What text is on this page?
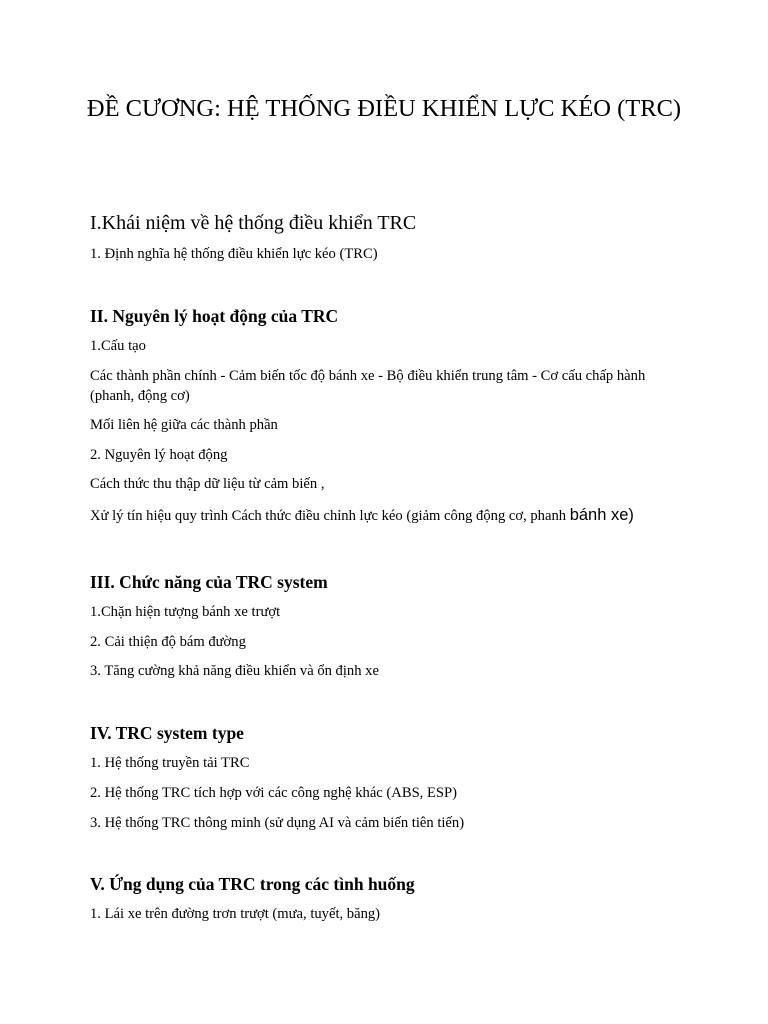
ĐỀ CƯƠNG: HỆ THỐNG ĐIỀU KHIỂN LỰC KÉO (TRC)
I.Khái niệm về hệ thống điều khiển TRC
1. Định nghĩa hệ thống điều khiển lực kéo (TRC)
II. Nguyên lý hoạt động của TRC
1.Cấu tạo
Các thành phần chính - Cảm biến tốc độ bánh xe - Bộ điều khiển trung tâm - Cơ cấu chấp hành (phanh, động cơ)
Mối liên hệ giữa các thành phần
2. Nguyên lý hoạt động
Cách thức thu thập dữ liệu từ cảm biến ,
Xử lý tín hiệu quy trình Cách thức điều chỉnh lực kéo (giảm công động cơ, phanh bánh xe)
III. Chức năng của TRC system
1.Chặn hiện tượng bánh xe trượt
2. Cải thiện độ bám đường
3. Tăng cường khả năng điều khiển và ổn định xe
IV. TRC system type
1. Hệ thống truyền tải TRC
2. Hệ thống TRC tích hợp với các công nghệ khác (ABS, ESP)
3. Hệ thống TRC thông minh (sử dụng AI và cảm biến tiên tiến)
V. Ứng dụng của TRC trong các tình huống
1. Lái xe trên đường trơn trượt (mưa, tuyết, băng)
